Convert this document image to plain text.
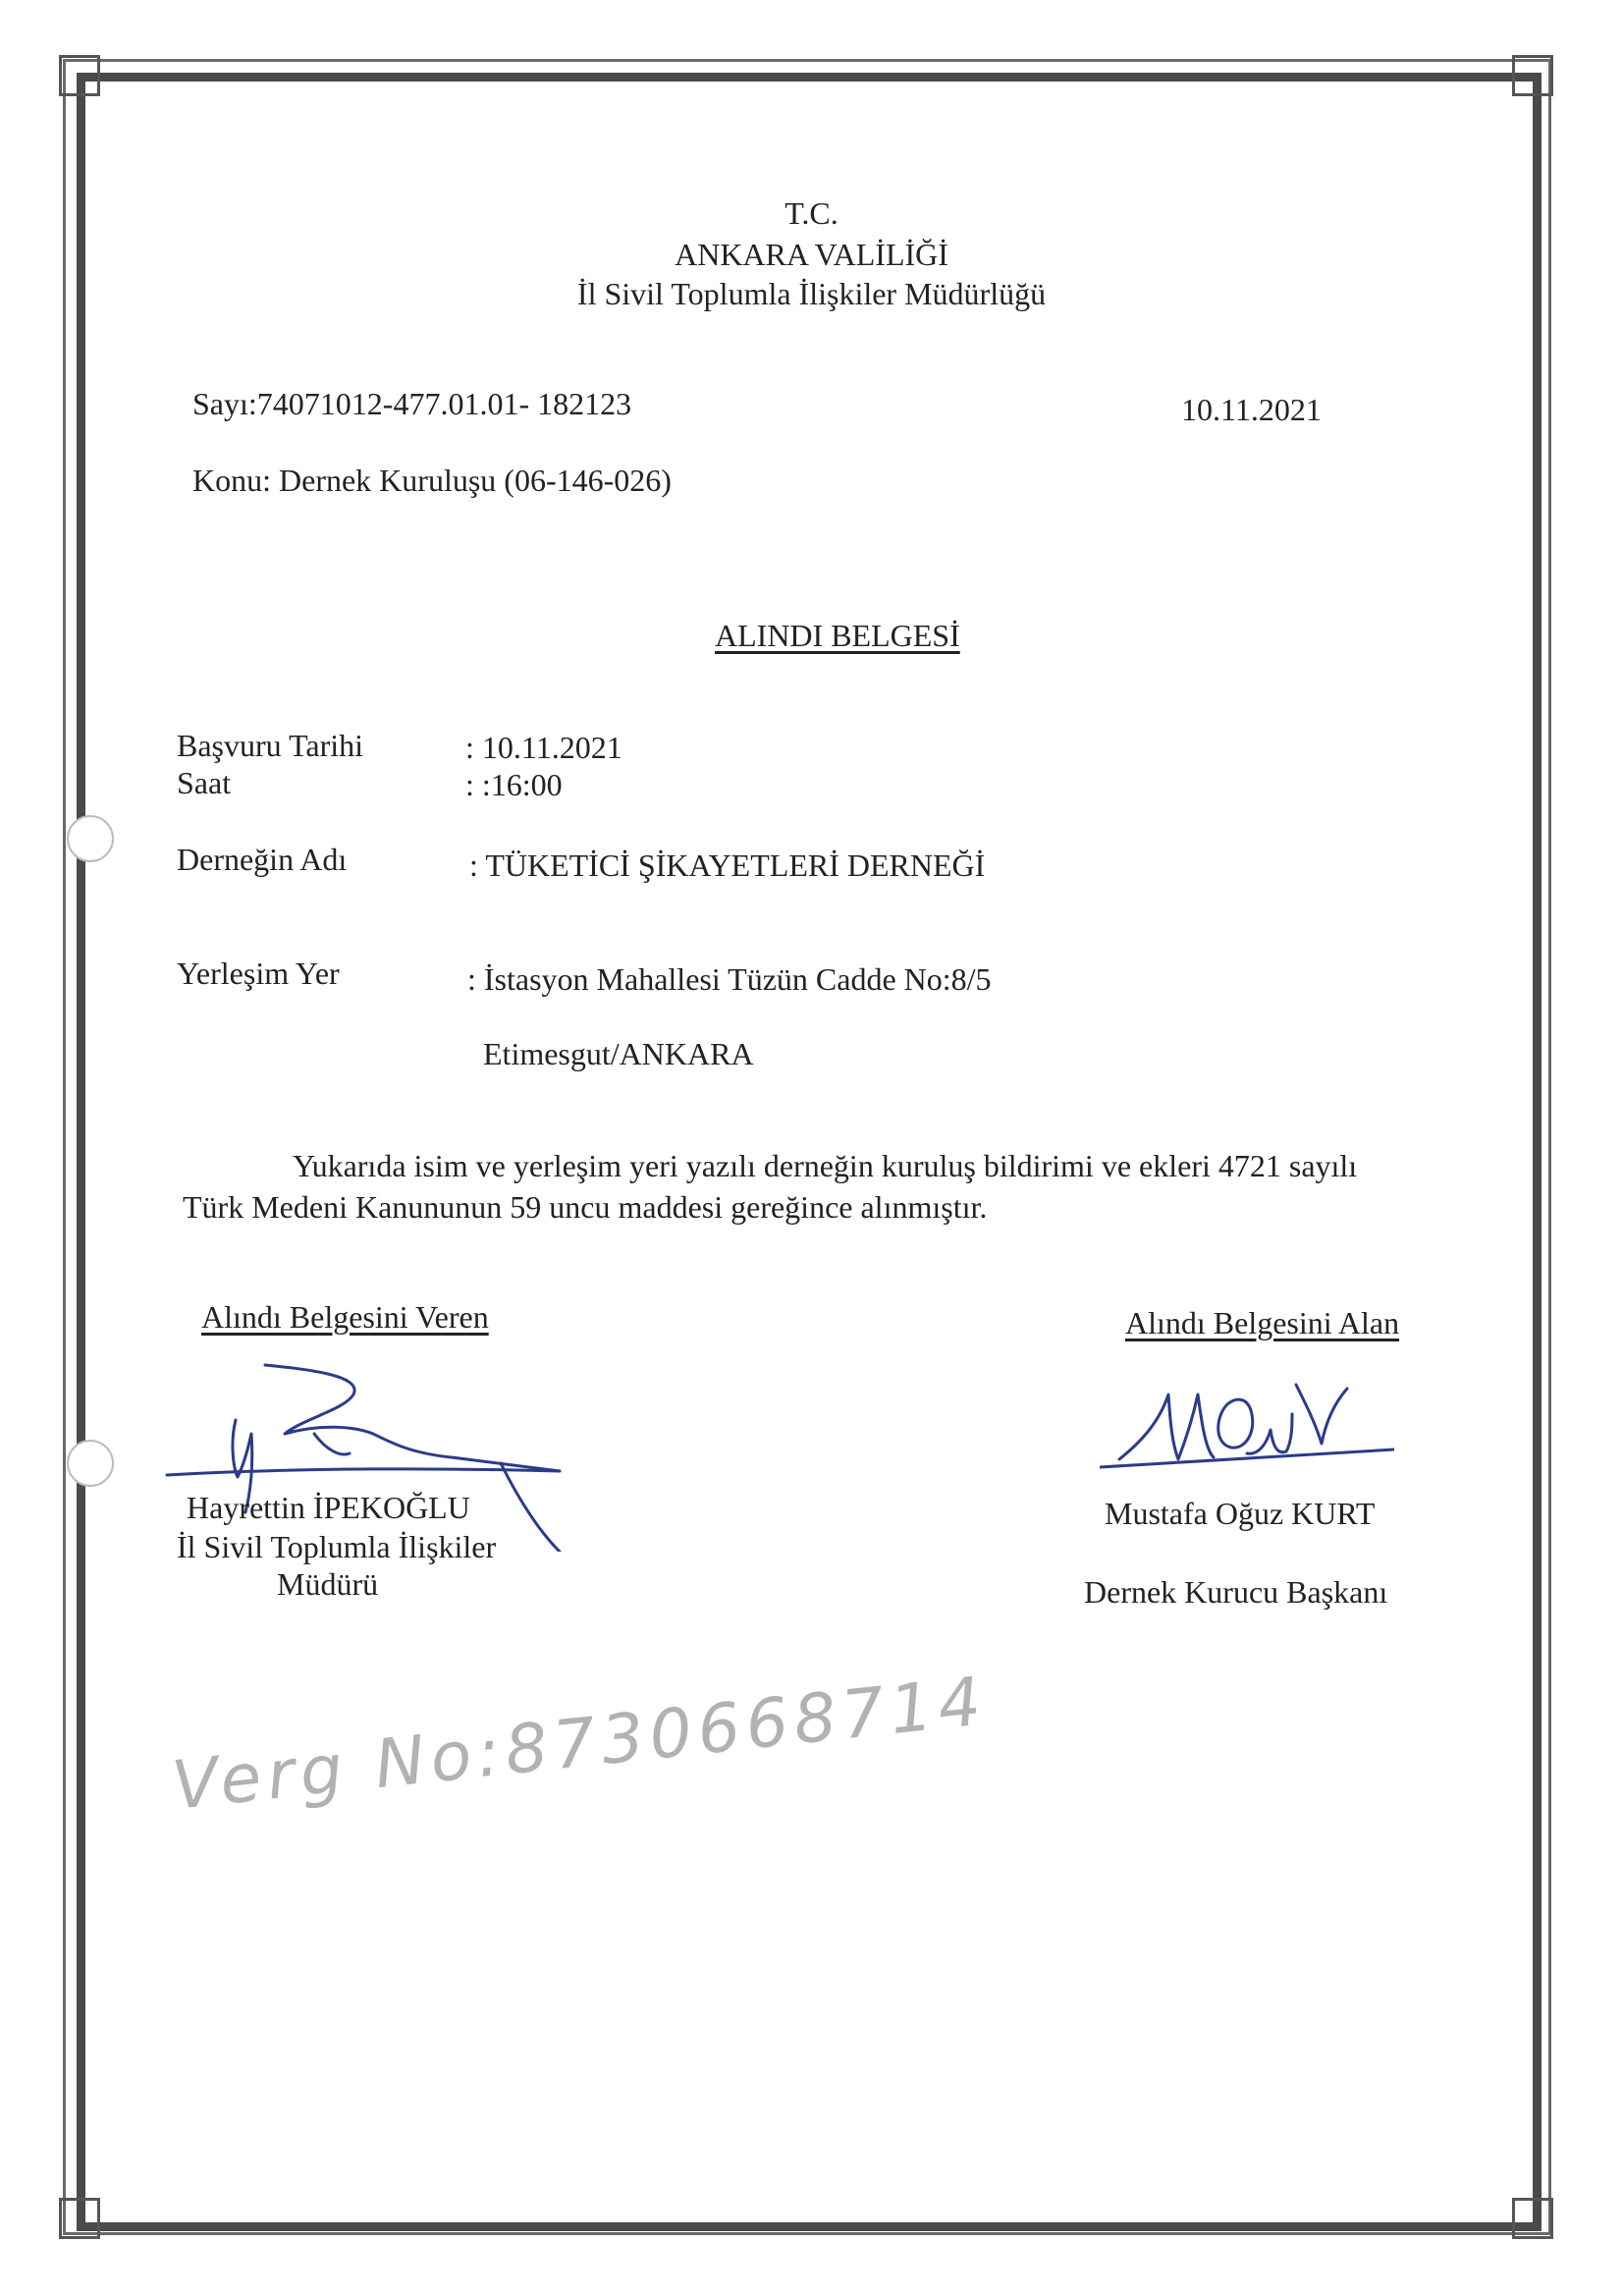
T.C.
ANKARA VALİLİĞİ
İl Sivil Toplumla İlişkiler Müdürlüğü
Sayı:74071012-477.01.01- 182123	10.11.2021
Konu: Dernek Kuruluşu (06-146-026)
ALINDI BELGESİ
Başvuru Tarihi	: 10.11.2021
Saat	: :16:00
Derneğin Adı	: TÜKETİCİ ŞİKAYETLERİ DERNEĞİ
Yerleşim Yer	: İstasyon Mahallesi Tüzün Cadde No:8/5
Etimesgut/ANKARA
Yukarıda isim ve yerleşim yeri yazılı derneğin kuruluş bildirimi ve ekleri 4721 sayılı
Türk Medeni Kanununun 59 uncu maddesi gereğince alınmıştır.
Alındı Belgesini Veren	Alındı Belgesini Alan
Hayrettin İPEKOĞLU
İl Sivil Toplumla İlişkiler
Müdürü
Mustafa Oğuz KURT
Dernek Kurucu Başkanı
Verg No:8730668714
